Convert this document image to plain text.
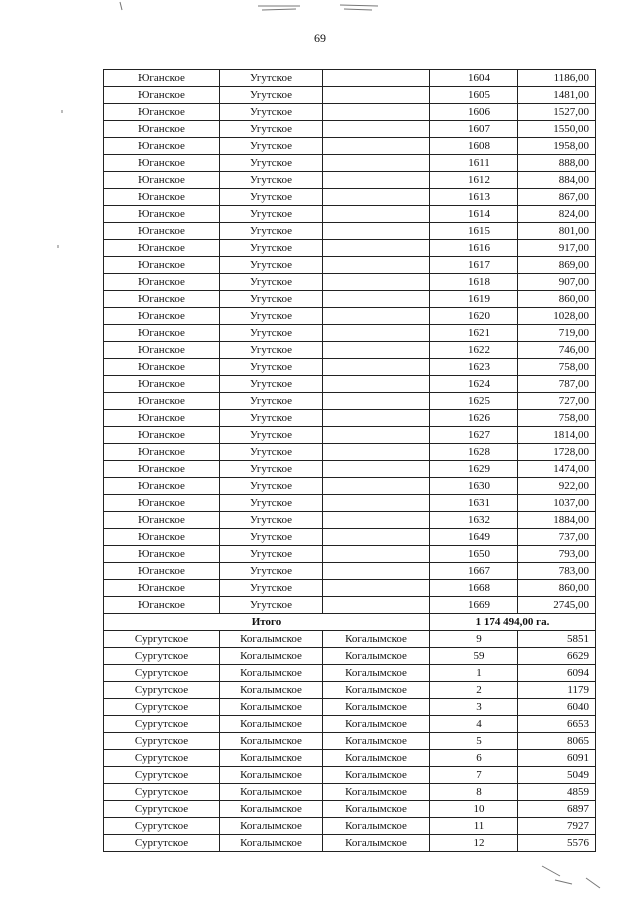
69
Юганское	Угутское		1604	1186,00
Юганское	Угутское		1605	1481,00
Юганское	Угутское		1606	1527,00
Юганское	Угутское		1607	1550,00
Юганское	Угутское		1608	1958,00
Юганское	Угутское		1611	888,00
Юганское	Угутское		1612	884,00
Юганское	Угутское		1613	867,00
Юганское	Угутское		1614	824,00
Юганское	Угутское		1615	801,00
Юганское	Угутское		1616	917,00
Юганское	Угутское		1617	869,00
Юганское	Угутское		1618	907,00
Юганское	Угутское		1619	860,00
Юганское	Угутское		1620	1028,00
Юганское	Угутское		1621	719,00
Юганское	Угутское		1622	746,00
Юганское	Угутское		1623	758,00
Юганское	Угутское		1624	787,00
Юганское	Угутское		1625	727,00
Юганское	Угутское		1626	758,00
Юганское	Угутское		1627	1814,00
Юганское	Угутское		1628	1728,00
Юганское	Угутское		1629	1474,00
Юганское	Угутское		1630	922,00
Юганское	Угутское		1631	1037,00
Юганское	Угутское		1632	1884,00
Юганское	Угутское		1649	737,00
Юганское	Угутское		1650	793,00
Юганское	Угутское		1667	783,00
Юганское	Угутское		1668	860,00
Юганское	Угутское		1669	2745,00
Итого			1 174 494,00 га.	
Сургутское	Когалымское	Когалымское	9	5851
Сургутское	Когалымское	Когалымское	59	6629
Сургутское	Когалымское	Когалымское	1	6094
Сургутское	Когалымское	Когалымское	2	1179
Сургутское	Когалымское	Когалымское	3	6040
Сургутское	Когалымское	Когалымское	4	6653
Сургутское	Когалымское	Когалымское	5	8065
Сургутское	Когалымское	Когалымское	6	6091
Сургутское	Когалымское	Когалымское	7	5049
Сургутское	Когалымское	Когалымское	8	4859
Сургутское	Когалымское	Когалымское	10	6897
Сургутское	Когалымское	Когалымское	11	7927
Сургутское	Когалымское	Когалымское	12	5576
